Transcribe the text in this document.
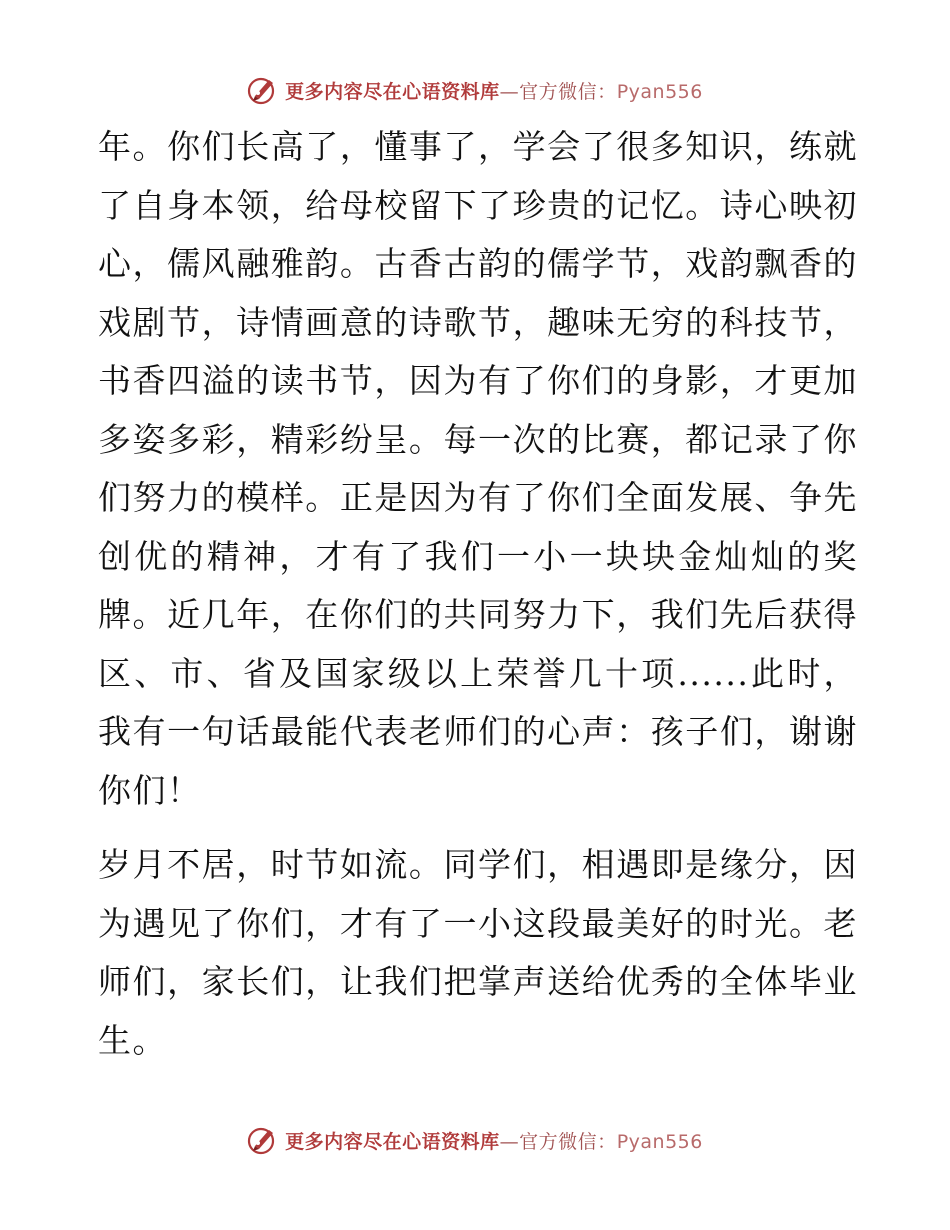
更多内容尽在心语资料库—官方微信：Pyan556

年。你们长高了，懂事了，学会了很多知识，练就了自身本领，给母校留下了珍贵的记忆。诗心映初心，儒风融雅韵。古香古韵的儒学节，戏韵飘香的戏剧节，诗情画意的诗歌节，趣味无穷的科技节，书香四溢的读书节，因为有了你们的身影，才更加多姿多彩，精彩纷呈。每一次的比赛，都记录了你们努力的模样。正是因为有了你们全面发展、争先创优的精神，才有了我们一小一块块金灿灿的奖牌。近几年，在你们的共同努力下，我们先后获得区、市、省及国家级以上荣誉几十项......此时，我有一句话最能代表老师们的心声：孩子们，谢谢你们！

岁月不居，时节如流。同学们，相遇即是缘分，因为遇见了你们，才有了一小这段最美好的时光。老师们，家长们，让我们把掌声送给优秀的全体毕业生。

更多内容尽在心语资料库—官方微信：Pyan556
